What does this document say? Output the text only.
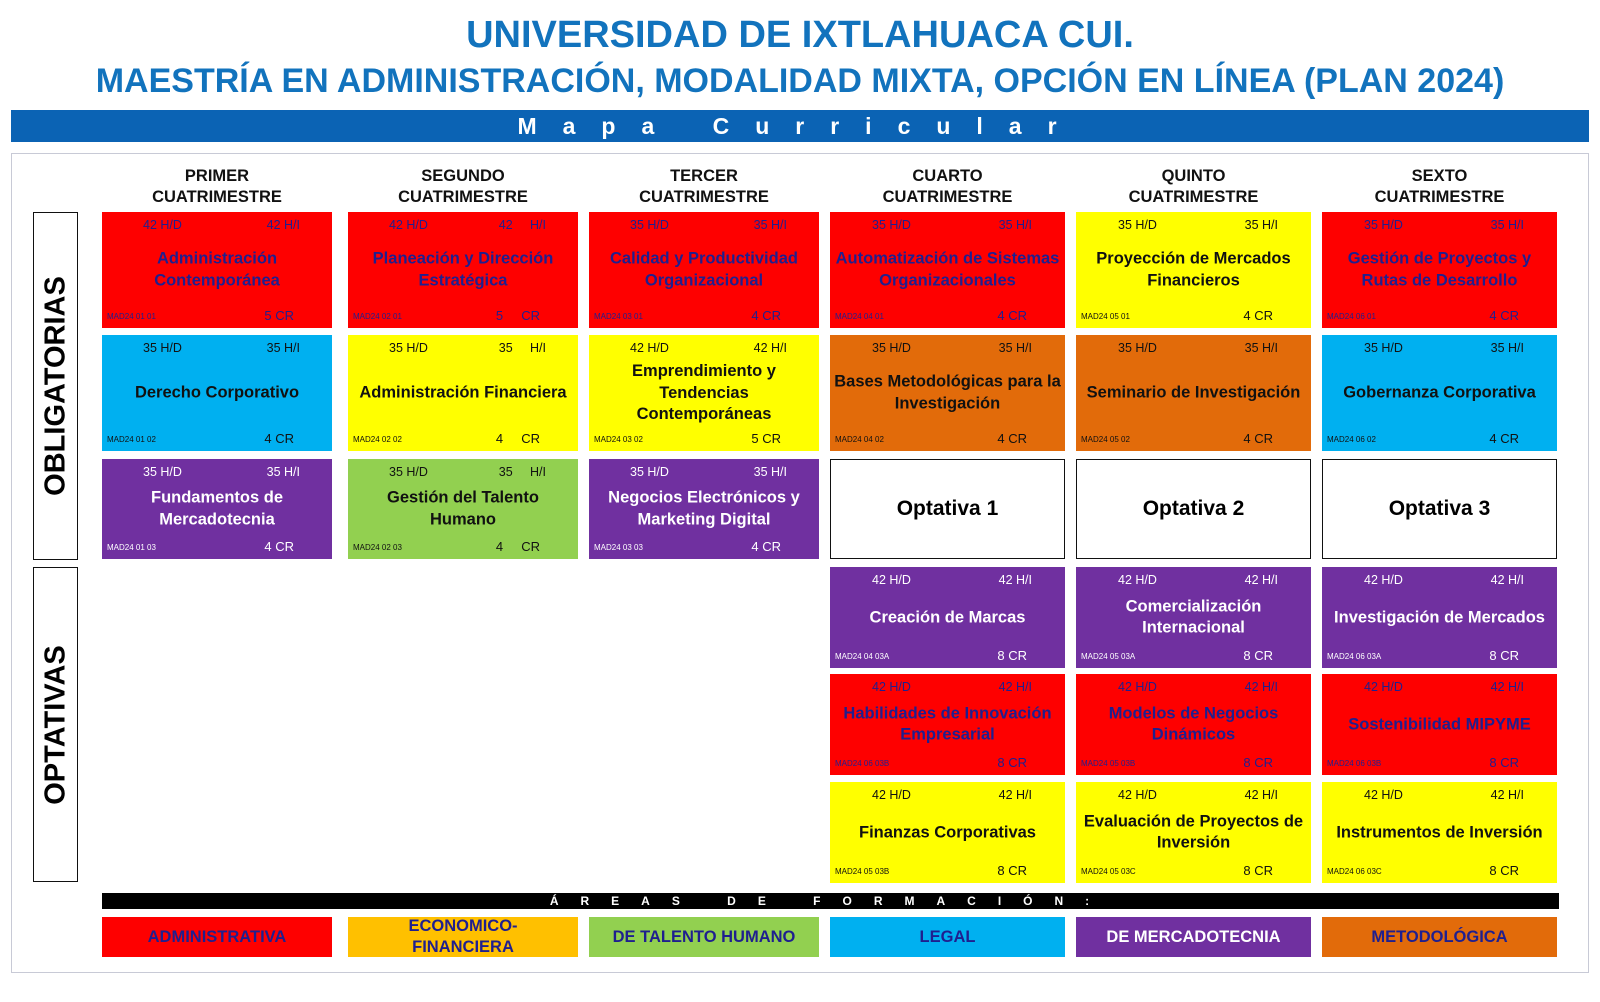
UNIVERSIDAD DE IXTLAHUACA CUI.
MAESTRÍA EN ADMINISTRACIÓN, MODALIDAD MIXTA, OPCIÓN EN LÍNEA (PLAN 2024)
Mapa Curricular
OBLIGATORIAS
OPTATIVAS
PRIMER
CUATRIMESTRE
SEGUNDO
CUATRIMESTRE
TERCER
CUATRIMESTRE
CUARTO
CUATRIMESTRE
QUINTO
CUATRIMESTRE
SEXTO
CUATRIMESTRE
42 H/D	42 H/I
Administración Contemporánea
MAD24 01 01	5 CR
42 H/D	42     H/I
Planeación y Dirección Estratégica
MAD24 02 01	5     CR
35 H/D	35 H/I
Calidad y Productividad Organizacional
MAD24 03 01	4 CR
35 H/D	35 H/I
Automatización de Sistemas Organizacionales
MAD24 04 01	4 CR
35 H/D	35 H/I
Proyección de Mercados Financieros
MAD24 05 01	4 CR
35 H/D	35 H/I
Gestión de Proyectos y Rutas de Desarrollo
MAD24 06 01	4 CR
35 H/D	35 H/I
Derecho Corporativo
MAD24 01 02	4 CR
35 H/D	35     H/I
Administración Financiera
MAD24 02 02	4     CR
42 H/D	42 H/I
Emprendimiento y Tendencias Contemporáneas
MAD24 03 02	5 CR
35 H/D	35 H/I
Bases Metodológicas para la Investigación
MAD24 04 02	4 CR
35 H/D	35 H/I
Seminario de Investigación
MAD24 05 02	4 CR
35 H/D	35 H/I
Gobernanza Corporativa
MAD24 06 02	4 CR
35 H/D	35 H/I
Fundamentos de Mercadotecnia
MAD24 01 03	4 CR
35 H/D	35     H/I
Gestión del Talento Humano
MAD24 02 03	4     CR
35 H/D	35 H/I
Negocios Electrónicos y Marketing Digital
MAD24 03 03	4 CR
Optativa 1	Optativa 2	Optativa 3
42 H/D	42 H/I
Creación de Marcas
MAD24 04 03A	8 CR
42 H/D	42 H/I
Comercialización Internacional
MAD24 05 03A	8 CR
42 H/D	42 H/I
Investigación de Mercados
MAD24 06 03A	8 CR
42 H/D	42 H/I
Habilidades de Innovación Empresarial
MAD24 06 03B	8 CR
42 H/D	42 H/I
Modelos de Negocios Dinámicos
MAD24 05 03B	8 CR
42 H/D	42 H/I
Sostenibilidad MIPYME
MAD24 06 03B	8 CR
42 H/D	42 H/I
Finanzas Corporativas
MAD24 05 03B	8 CR
42 H/D	42 H/I
Evaluación de Proyectos de Inversión
MAD24 05 03C	8 CR
42 H/D	42 H/I
Instrumentos de Inversión
MAD24 06 03C	8 CR
ÁREAS DE FORMACIÓN:
ADMINISTRATIVA
ECONOMICO-FINANCIERA
DE TALENTO HUMANO	LEGAL	DE MERCADOTECNIA	METODOLÓGICA
